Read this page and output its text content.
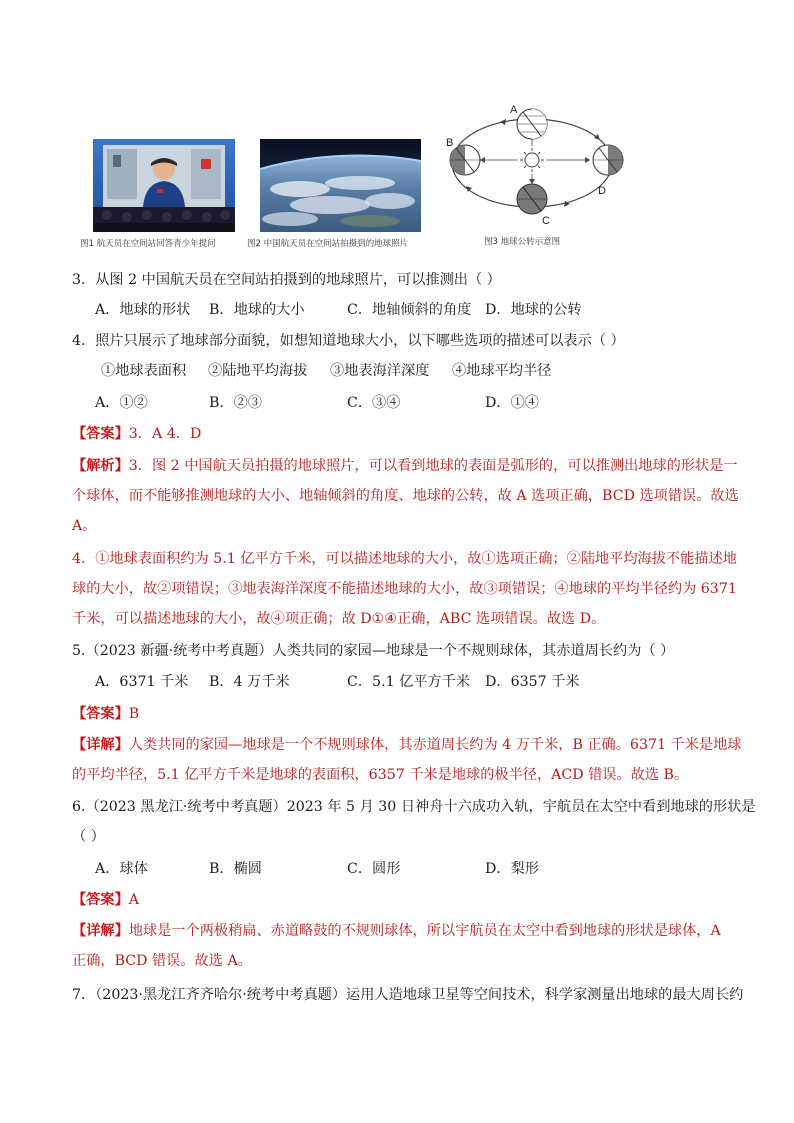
图1 航天员在空间站回答青少年提问	图2 中国航天员在空间站拍摄到的地球照片
A
B
C
D
图3 地球公转示意图
3．从图 2 中国航天员在空间站拍摄到的地球照片，可以推测出（ ）
A．地球的形状 B．地球的大小	C．地轴倾斜的角度 D．地球的公转
4．照片只展示了地球部分面貌，如想知道地球大小，以下哪些选项的描述可以表示（ ）
①地球表面积 ②陆地平均海拔 ③地表海洋深度 ④地球平均半径
A．①②	B．②③	C．③④	D．①④
【答案】3．A 4．D
【解析】3．图 2 中国航天员拍摄的地球照片，可以看到地球的表面是弧形的，可以推测出地球的形状是一
个球体，而不能够推测地球的大小、地轴倾斜的角度、地球的公转，故 A 选项正确，BCD 选项错误。故选
A。
4．①地球表面积约为 5.1 亿平方千米，可以描述地球的大小，故①选项正确；②陆地平均海拔不能描述地
球的大小，故②项错误；③地表海洋深度不能描述地球的大小，故③项错误；④地球的平均半径约为 6371
千米，可以描述地球的大小，故④项正确；故 D①④正确，ABC 选项错误。故选 D。
5.（2023 新疆·统考中考真题）人类共同的家园—地球是一个不规则球体，其赤道周长约为（ ）
A．6371 千米 B．4 万千米	C．5.1 亿平方千米 D．6357 千米
【答案】B
【详解】人类共同的家园—地球是一个不规则球体，其赤道周长约为 4 万千米，B 正确。6371 千米是地球
的平均半径，5.1 亿平方千米是地球的表面积，6357 千米是地球的极半径，ACD 错误。故选 B。
6.（2023 黑龙江·统考中考真题）2023 年 5 月 30 日神舟十六成功入轨，宇航员在太空中看到地球的形状是
（ ）
A．球体	B．椭圆	C．圆形	D．梨形
【答案】A
【详解】地球是一个两极稍扁、赤道略鼓的不规则球体，所以宇航员在太空中看到地球的形状是球体，A
正确，BCD 错误。故选 A。
7．（2023·黑龙江齐齐哈尔·统考中考真题）运用人造地球卫星等空间技术，科学家测量出地球的最大周长约
